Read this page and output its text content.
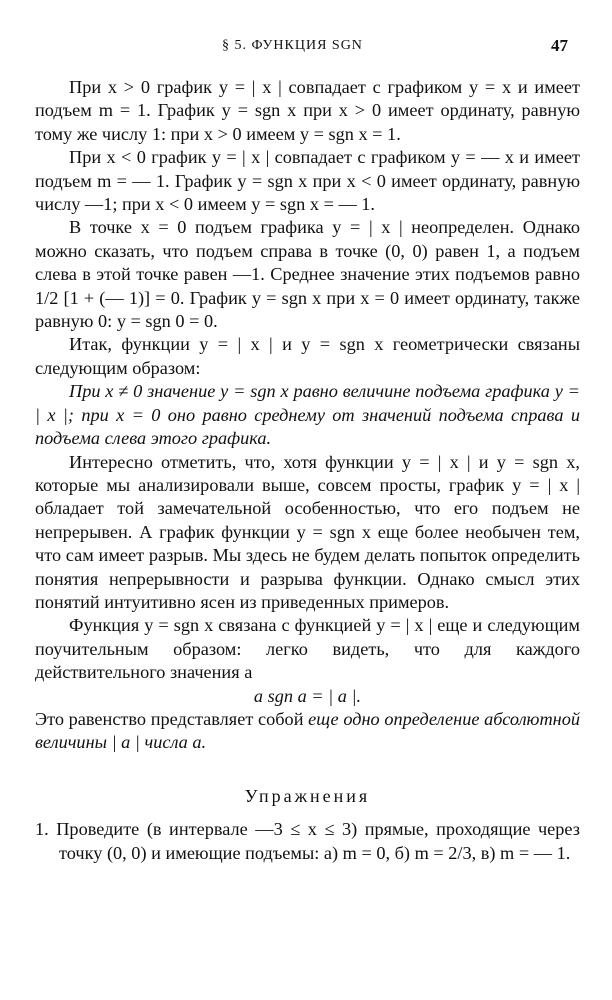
§ 5. ФУНКЦИЯ SGN	47

При x > 0 график y = | x | совпадает с графиком y = x и имеет подъем m = 1. График y = sgn x при x > 0 имеет ординату, равную тому же числу 1: при x > 0 имеем y = sgn x = 1.

При x < 0 график y = | x | совпадает с графиком y = — x и имеет подъем m = — 1. График y = sgn x при x < 0 имеет ординату, равную числу —1; при x < 0 имеем y = sgn x = — 1.

В точке x = 0 подъем графика y = | x | неопределен. Однако можно сказать, что подъем справа в точке (0, 0) равен 1, а подъем слева в этой точке равен —1. Среднее значение этих подъемов равно 1/2 [1 + (— 1)] = 0. График y = sgn x при x = 0 имеет ординату, также равную 0: y = sgn 0 = 0.

Итак, функции y = | x | и y = sgn x геометрически связаны следующим образом:

При x ≠ 0 значение y = sgn x равно величине подъема графика y = | x |; при x = 0 оно равно среднему от значений подъема справа и подъема слева этого графика.

Интересно отметить, что, хотя функции y = | x | и y = sgn x, которые мы анализировали выше, совсем просты, график y = | x | обладает той замечательной особенностью, что его подъем не непрерывен. А график функции y = sgn x еще более необычен тем, что сам имеет разрыв. Мы здесь не будем делать попыток определить понятия непрерывности и разрыва функции. Однако смысл этих понятий интуитивно ясен из приведенных примеров.

Функция y = sgn x связана с функцией y = | x | еще и следующим поучительным образом: легко видеть, что для каждого действительного значения a

a sgn a = | a |.

Это равенство представляет собой еще одно определение абсолютной величины | a | числа a.

Упражнения

1. Проведите (в интервале —3 ≤ x ≤ 3) прямые, проходящие через точку (0, 0) и имеющие подъемы: а) m = 0, б) m = 2/3, в) m = — 1.
